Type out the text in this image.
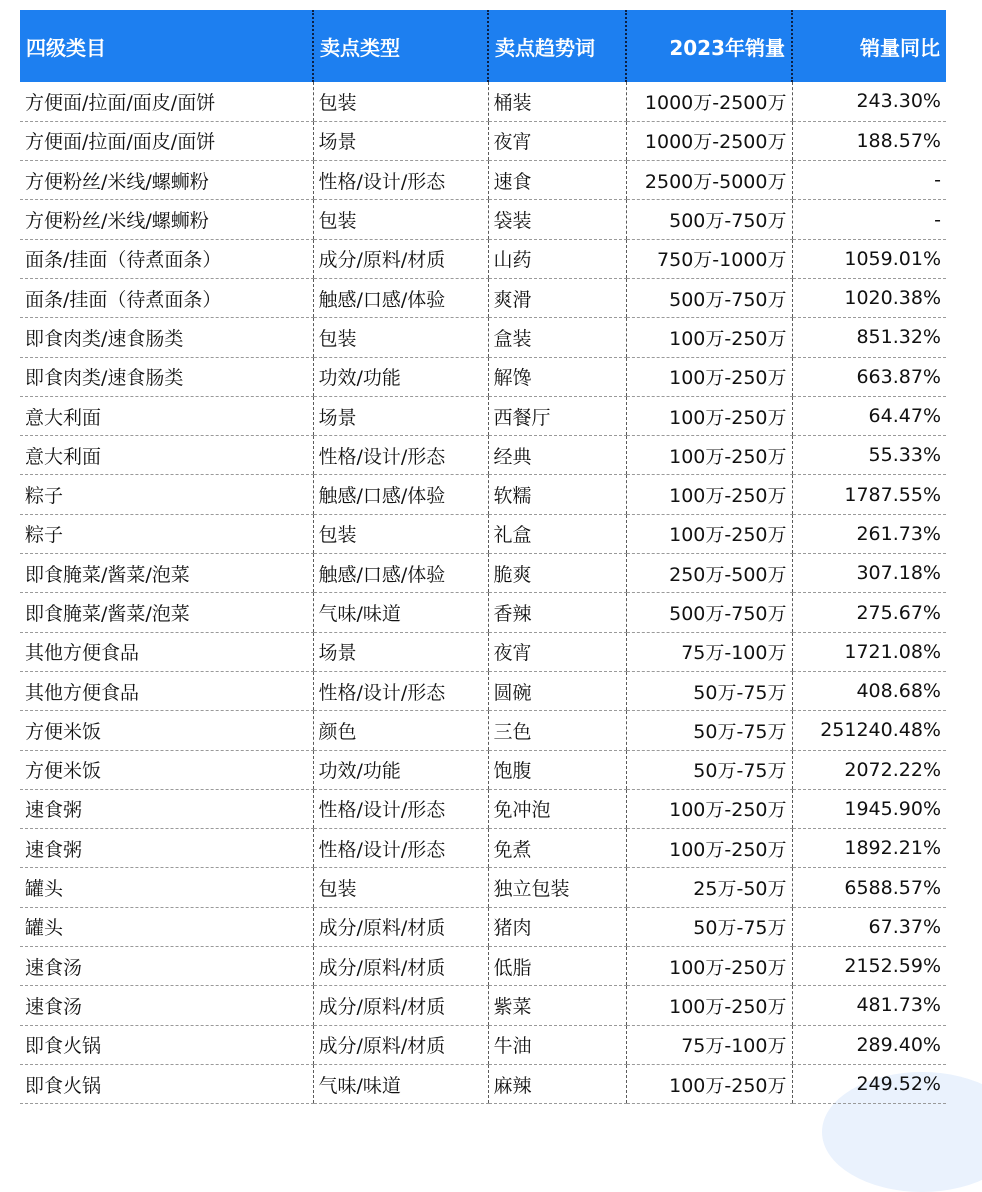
四级类目	卖点类型	卖点趋势词	2023年销量	销量同比
方便面/拉面/面皮/面饼	包装	桶装	1000万-2500万	243.30%
方便面/拉面/面皮/面饼	场景	夜宵	1000万-2500万	188.57%
方便粉丝/米线/螺蛳粉	性格/设计/形态	速食	2500万-5000万	-
方便粉丝/米线/螺蛳粉	包装	袋装	500万-750万	-
面条/挂面（待煮面条）	成分/原料/材质	山药	750万-1000万	1059.01%
面条/挂面（待煮面条）	触感/口感/体验	爽滑	500万-750万	1020.38%
即食肉类/速食肠类	包装	盒装	100万-250万	851.32%
即食肉类/速食肠类	功效/功能	解馋	100万-250万	663.87%
意大利面	场景	西餐厅	100万-250万	64.47%
意大利面	性格/设计/形态	经典	100万-250万	55.33%
粽子	触感/口感/体验	软糯	100万-250万	1787.55%
粽子	包装	礼盒	100万-250万	261.73%
即食腌菜/酱菜/泡菜	触感/口感/体验	脆爽	250万-500万	307.18%
即食腌菜/酱菜/泡菜	气味/味道	香辣	500万-750万	275.67%
其他方便食品	场景	夜宵	75万-100万	1721.08%
其他方便食品	性格/设计/形态	圆碗	50万-75万	408.68%
方便米饭	颜色	三色	50万-75万	251240.48%
方便米饭	功效/功能	饱腹	50万-75万	2072.22%
速食粥	性格/设计/形态	免冲泡	100万-250万	1945.90%
速食粥	性格/设计/形态	免煮	100万-250万	1892.21%
罐头	包装	独立包装	25万-50万	6588.57%
罐头	成分/原料/材质	猪肉	50万-75万	67.37%
速食汤	成分/原料/材质	低脂	100万-250万	2152.59%
速食汤	成分/原料/材质	紫菜	100万-250万	481.73%
即食火锅	成分/原料/材质	牛油	75万-100万	289.40%
即食火锅	气味/味道	麻辣	100万-250万	249.52%
